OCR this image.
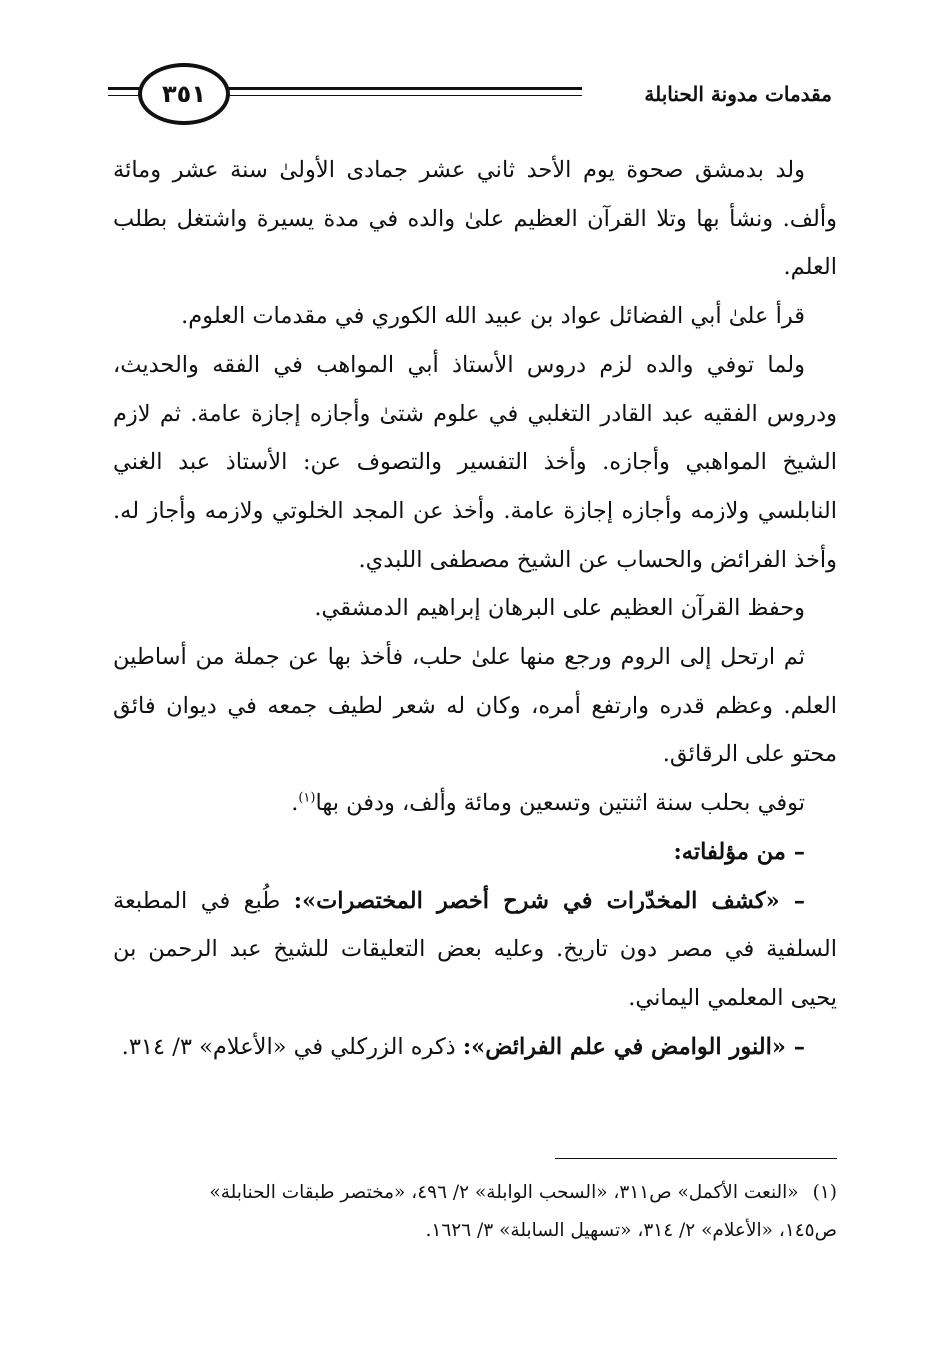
٣٥١	مقدمات مدونة الحنابلة

ولد بدمشق صحوة يوم الأحد ثاني عشر جمادى الأولىٰ سنة عشر ومائة وألف. ونشأ بها وتلا القرآن العظيم علىٰ والده في مدة يسيرة واشتغل بطلب العلم.

قرأ علىٰ أبي الفضائل عواد بن عبيد الله الكوري في مقدمات العلوم.

ولما توفي والده لزم دروس الأستاذ أبي المواهب في الفقه والحديث، ودروس الفقيه عبد القادر التغلبي في علوم شتىٰ وأجازه إجازة عامة. ثم لازم الشيخ المواهبي وأجازه. وأخذ التفسير والتصوف عن: الأستاذ عبد الغني النابلسي ولازمه وأجازه إجازة عامة. وأخذ عن المجد الخلوتي ولازمه وأجاز له. وأخذ الفرائض والحساب عن الشيخ مصطفى اللبدي.

وحفظ القرآن العظيم على البرهان إبراهيم الدمشقي.

ثم ارتحل إلى الروم ورجع منها علىٰ حلب، فأخذ بها عن جملة من أساطين العلم. وعظم قدره وارتفع أمره، وكان له شعر لطيف جمعه في ديوان فائق محتو على الرقائق.

توفي بحلب سنة اثنتين وتسعين ومائة وألف، ودفن بها$^{(١)}$.

– من مؤلفاته:

– «كشف المخدّرات في شرح أخصر المختصرات»: طُبع في المطبعة السلفية في مصر دون تاريخ. وعليه بعض التعليقات للشيخ عبد الرحمن بن يحيى المعلمي اليماني.

– «النور الوامض في علم الفرائض»: ذكره الزركلي في «الأعلام» ٣/ ٣١٤.

(١)
«النعت الأكمل» ص٣١١، «السحب الوابلة» ٢/ ٤٩٦، «مختصر طبقات الحنابلة»
ص١٤٥، «الأعلام» ٢/ ٣١٤، «تسهيل السابلة» ٣/ ١٦٢٦.
